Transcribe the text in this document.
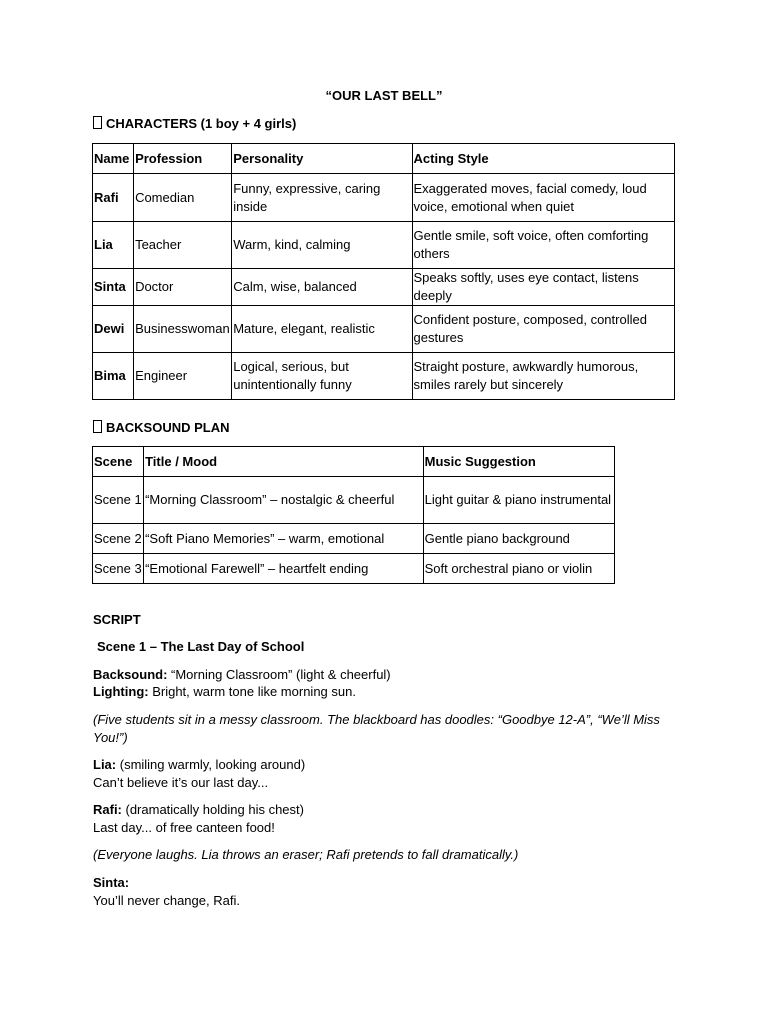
“OUR LAST BELL”
CHARACTERS (1 boy + 4 girls)
Name	Profession	Personality	Acting Style
Rafi	Comedian	Funny, expressive, caring inside	Exaggerated moves, facial comedy, loud voice, emotional when quiet
Lia	Teacher	Warm, kind, calming	Gentle smile, soft voice, often comforting others
Sinta	Doctor	Calm, wise, balanced	Speaks softly, uses eye contact, listens deeply
Dewi	Businesswoman	Mature, elegant, realistic	Confident posture, composed, controlled gestures
Bima	Engineer	Logical, serious, but unintentionally funny	Straight posture, awkwardly humorous, smiles rarely but sincerely
BACKSOUND PLAN
Scene	Title / Mood	Music Suggestion
Scene 1	“Morning Classroom” – nostalgic & cheerful	Light guitar & piano instrumental
Scene 2	“Soft Piano Memories” – warm, emotional	Gentle piano background
Scene 3	“Emotional Farewell” – heartfelt ending	Soft orchestral piano or violin
SCRIPT
Scene 1 – The Last Day of School
Backsound: “Morning Classroom” (light & cheerful)
Lighting: Bright, warm tone like morning sun.
(Five students sit in a messy classroom. The blackboard has doodles: “Goodbye 12-A”, “We’ll Miss You!”)
Lia: (smiling warmly, looking around)
Can’t believe it’s our last day...
Rafi: (dramatically holding his chest)
Last day... of free canteen food!
(Everyone laughs. Lia throws an eraser; Rafi pretends to fall dramatically.)
Sinta:
You’ll never change, Rafi.
